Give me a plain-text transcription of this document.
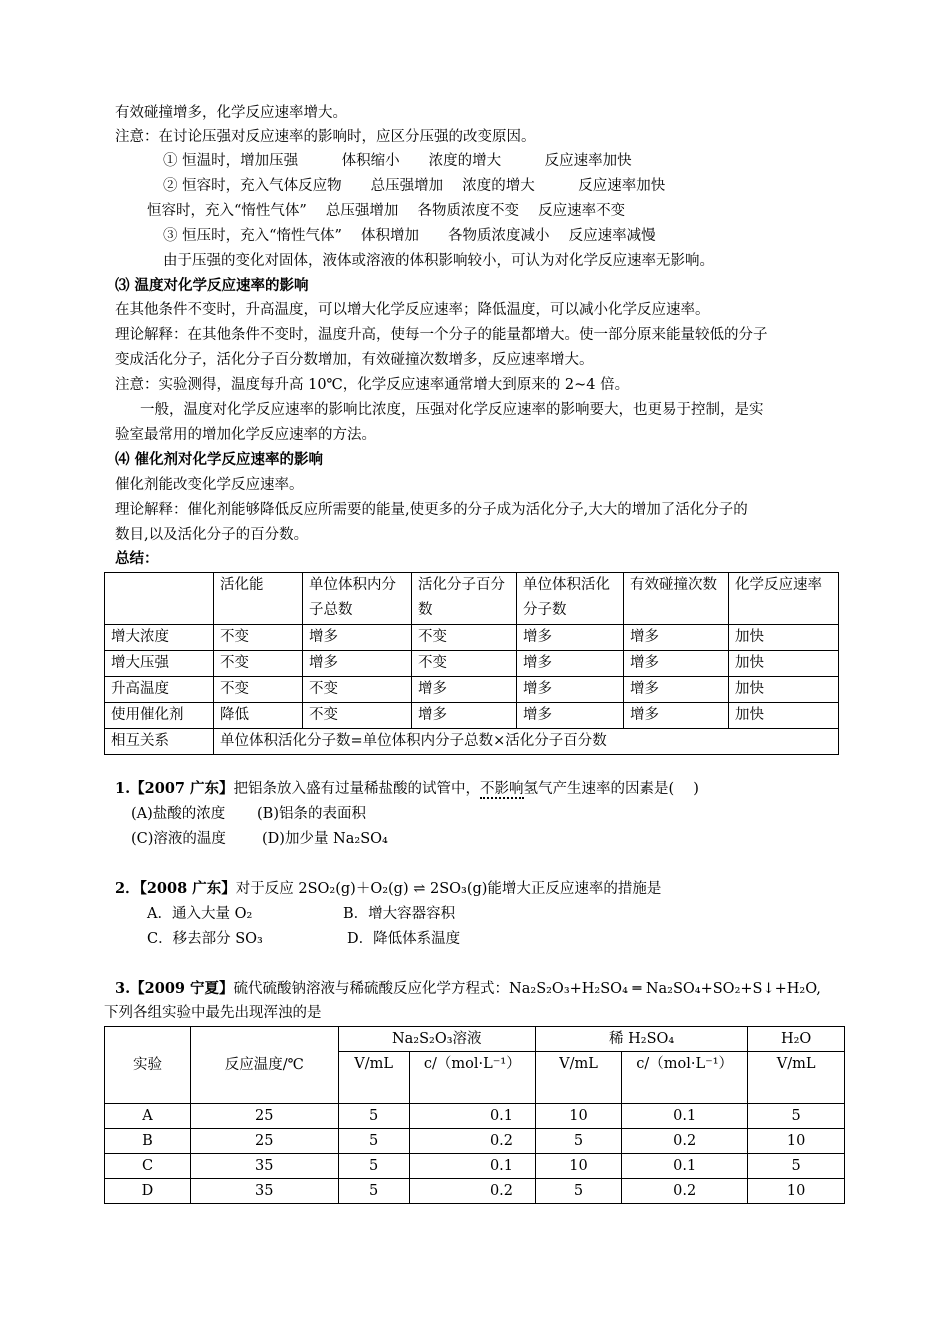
有效碰撞增多，化学反应速率增大。
注意：在讨论压强对反应速率的影响时，应区分压强的改变原因。
① 恒温时，增加压强　　　体积缩小　　浓度的增大　　　反应速率加快
② 恒容时，充入气体反应物　　总压强增加　 浓度的增大　　　反应速率加快
恒容时，充入“惰性气体”　 总压强增加 　各物质浓度不变　 反应速率不变
③ 恒压时，充入“惰性气体”　 体积增加　　各物质浓度减小　 反应速率减慢
由于压强的变化对固体，液体或溶液的体积影响较小，可认为对化学反应速率无影响。
⑶ 温度对化学反应速率的影响
在其他条件不变时，升高温度，可以增大化学反应速率；降低温度，可以减小化学反应速率。
理论解释：在其他条件不变时，温度升高，使每一个分子的能量都增大。使一部分原来能量较低的分子
变成活化分子，活化分子百分数增加，有效碰撞次数增多，反应速率增大。
注意：实验测得，温度每升高 10℃，化学反应速率通常增大到原来的 2~4 倍。
一般，温度对化学反应速率的影响比浓度，压强对化学反应速率的影响要大，也更易于控制，是实
验室最常用的增加化学反应速率的方法。
⑷ 催化剂对化学反应速率的影响
催化剂能改变化学反应速率。
理论解释：催化剂能够降低反应所需要的能量,使更多的分子成为活化分子,大大的增加了活化分子的
数目,以及活化分子的百分数。
总结：
	活化能	单位体积内分子总数	活化分子百分数	单位体积活化分子数	有效碰撞次数	化学反应速率
增大浓度	不变	增多	不变	增多	增多	加快
增大压强	不变	增多	不变	增多	增多	加快
升高温度	不变	不变	增多	增多	增多	加快
使用催化剂	降低	不变	增多	增多	增多	加快
相互关系	单位体积活化分子数=单位体积内分子总数×活化分子百分数					
1.【2007 广东】把铝条放入盛有过量稀盐酸的试管中，不影响氢气产生速率的因素是(　 )
(A)盐酸的浓度 (B)铝条的表面积
(C)溶液的温度 (D)加少量 Na₂SO₄
2．【2008 广东】对于反应 2SO₂(g)＋O₂(g) ⇌ 2SO₃(g)能增大正反应速率的措施是
A．通入大量 O₂	B．增大容器容积
C．移去部分 SO₃	D．降低体系温度
3.【2009 宁夏】硫代硫酸钠溶液与稀硫酸反应化学方程式：Na₂S₂O₃+H₂SO₄ ═ Na₂SO₄+SO₂+S↓+H₂O,
下列各组实验中最先出现浑浊的是
实验	反应温度/℃	Na₂S₂O₃溶液		稀 H₂SO₄		H₂O
		V/mL	c/（mol·L⁻¹）	V/mL	c/（mol·L⁻¹）	V/mL
A	25	5	0.1	10	0.1	5
B	25	5	0.2	5	0.2	10
C	35	5	0.1	10	0.1	5
D	35	5	0.2	5	0.2	10
